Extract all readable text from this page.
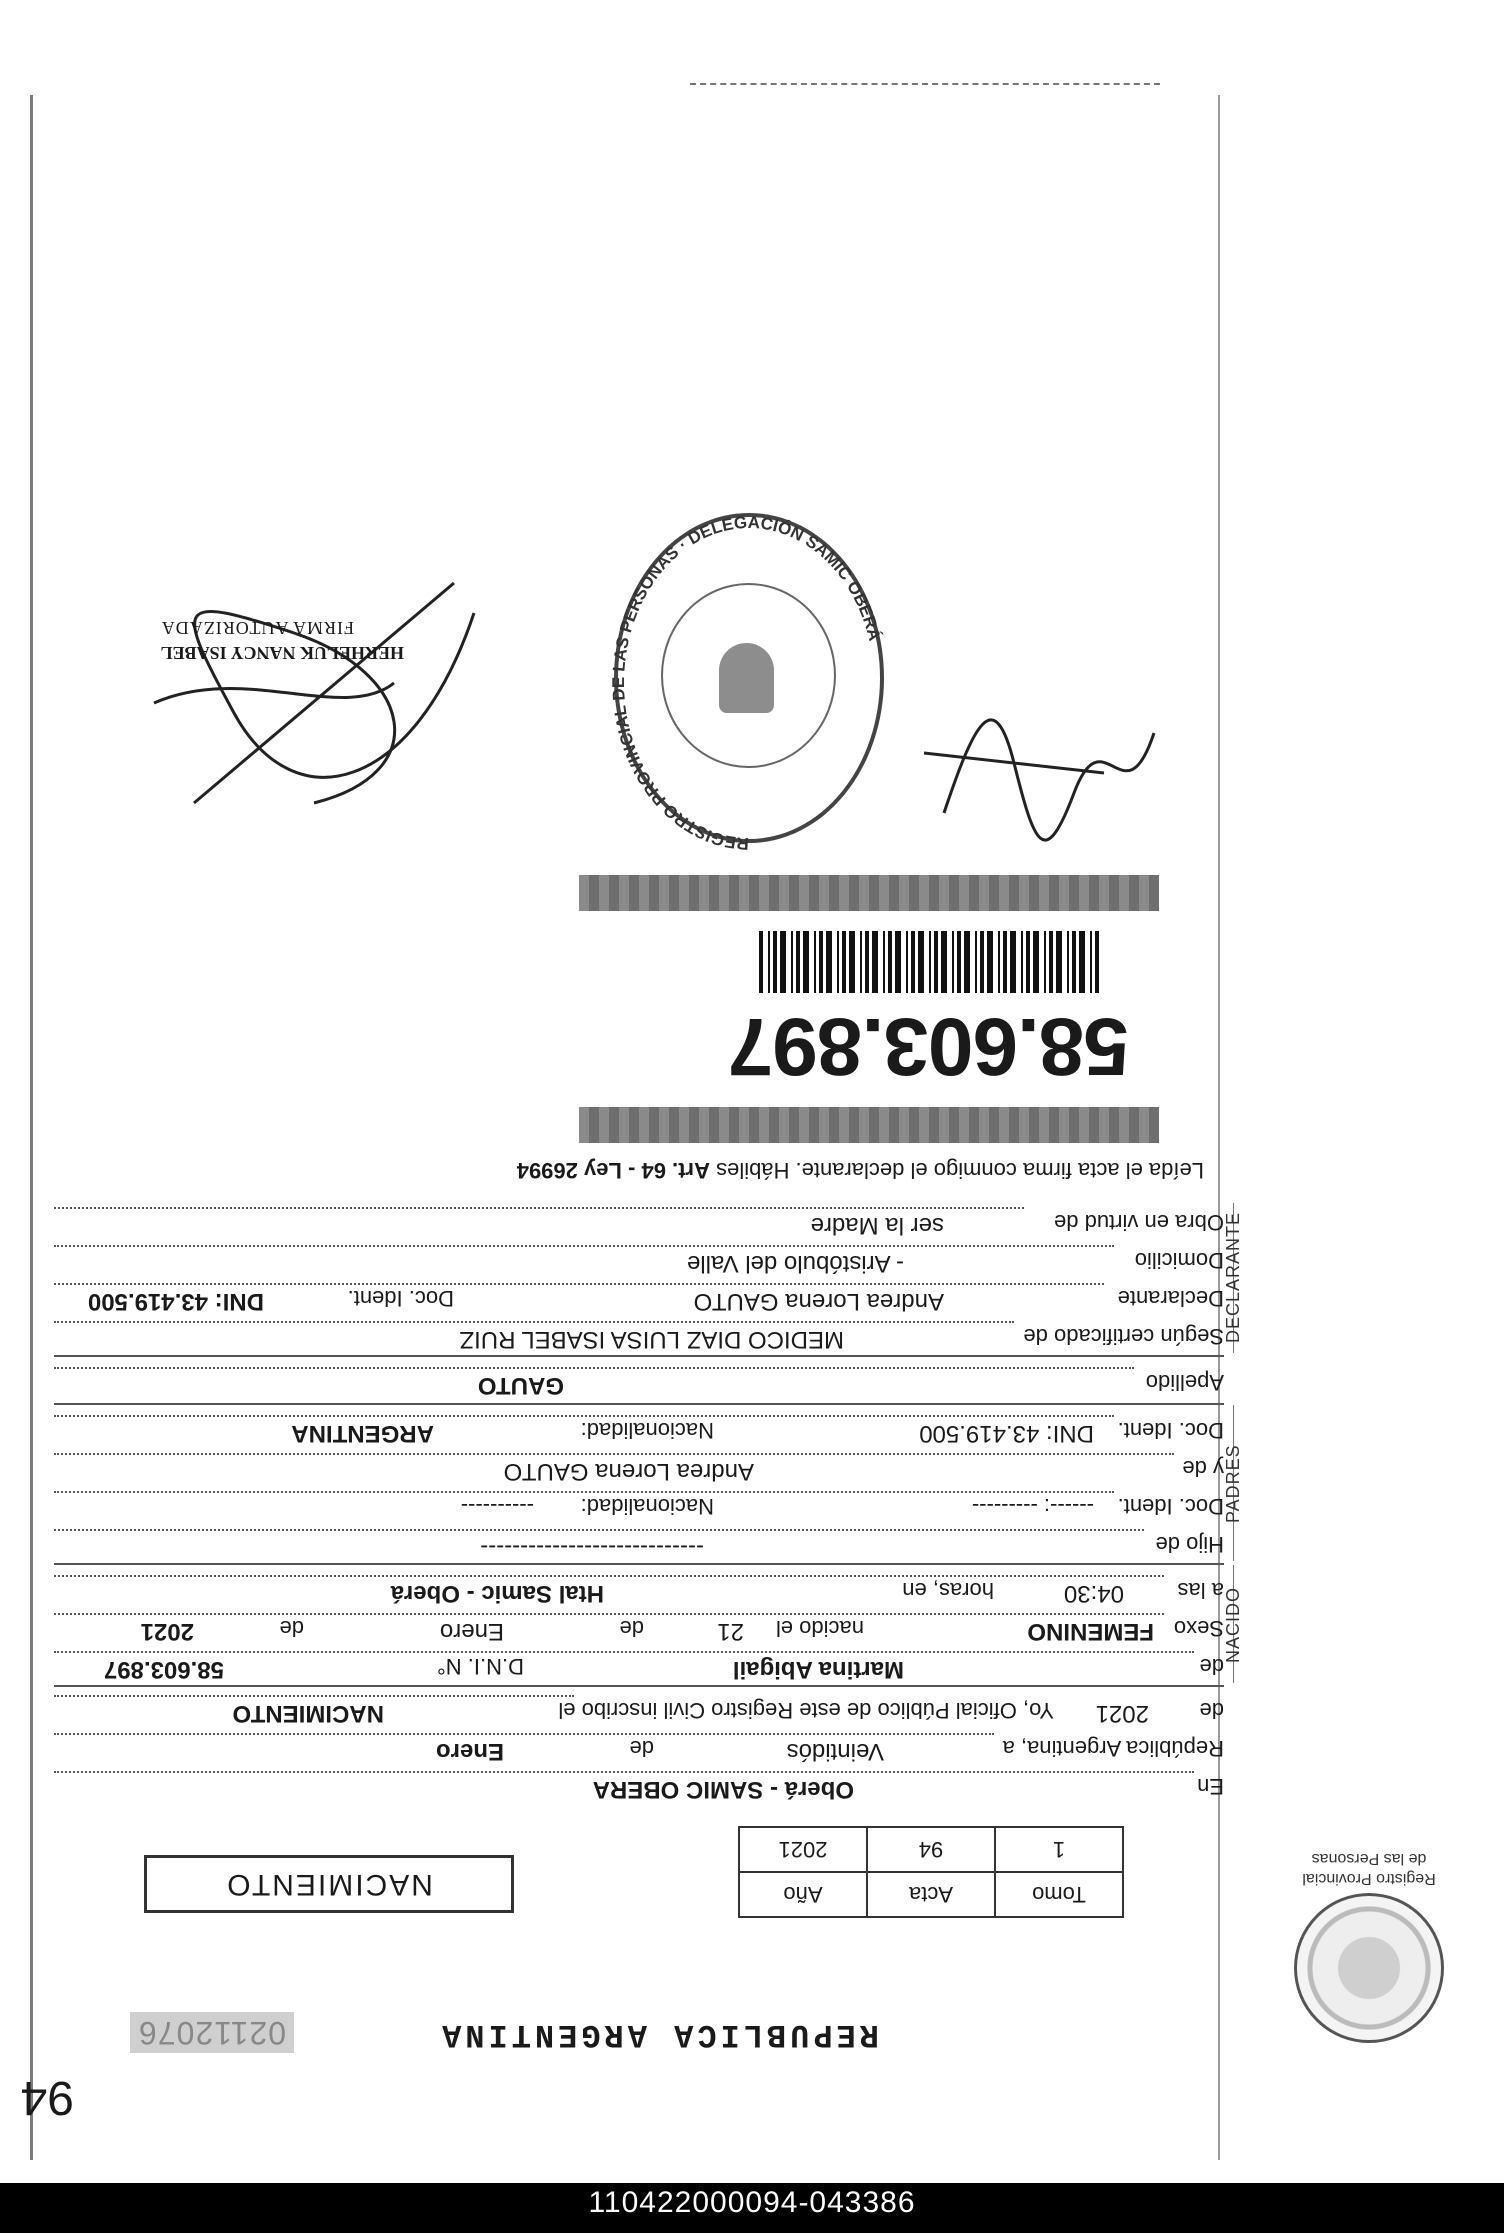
94
Registro Provincial
de las Personas
REPUBLICA ARGENTINA
02112076
Tomo	Acta	Año
1	94	2021
NACIMIENTO
En
Oberá - SAMIC OBERA
República Argentina, a
Veintidós
de
Enero
de
2021
Yo, Oficial Público de este Registro Civil inscribo el
NACIMIENTO
de
Martina Abigail
D.N.I. N°
58.603.897
Sexo
FEMENINO
nacido el
21
de
Enero
de
2021
a las
04:30
horas, en
Htal Samic - Oberá
Hijo de
----------------------------
Doc. Ident.
------: ---------
Nacionalidad:
----------
y de
Andrea Lorena GAUTO
Doc. Ident.
DNI: 43.419.500
Nacionalidad:
ARGENTINA
Apellido
GAUTO
Según certificado de
MEDICO DIAZ LUISA ISABEL RUIZ
Declarante
Andrea Lorena GAUTO
Doc. Ident.
DNI: 43.419.500
Domicilio
- Aristóbulo del Valle
Obra en virtud de
ser la Madre
Leída el acta firma conmigo el declarante. Hábiles Art. 64 - Ley 26994
NACIDO
PADRES
DECLARANTE
58.603.897
REGISTRO PROVINCIAL DE LAS PERSONAS · DELEGACIÓN SAMIC OBERÁ
HERHELUK NANCY ISABEL
FIRMA AUTORIZADA
110422000094-043386
